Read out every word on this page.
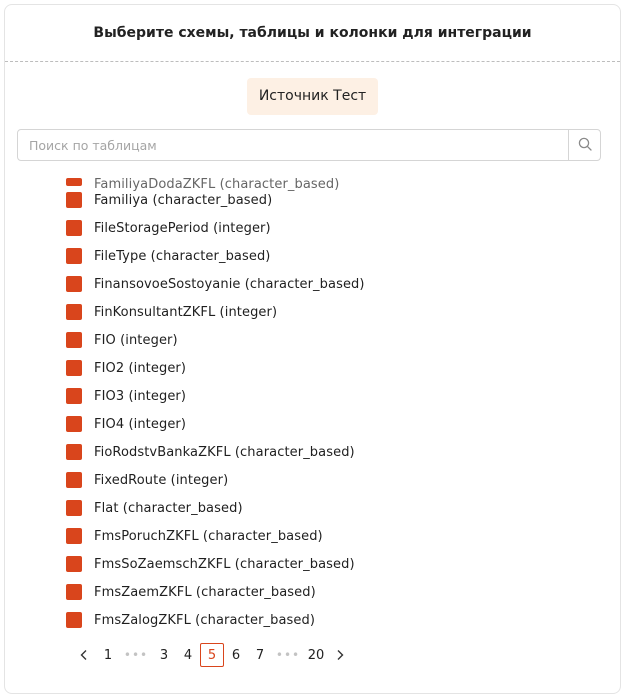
Выберите схемы, таблицы и колонки для интеграции
Источник Тест
Поиск по таблицам
FamiliyaDodaZKFL (character_based)
Familiya (character_based)
FileStoragePeriod (integer)
FileType (character_based)
FinansovoeSostoyanie (character_based)
FinKonsultantZKFL (integer)
FIO (integer)
FIO2 (integer)
FIO3 (integer)
FIO4 (integer)
FioRodstvBankaZKFL (character_based)
FixedRoute (integer)
Flat (character_based)
FmsPoruchZKFL (character_based)
FmsSoZaemschZKFL (character_based)
FmsZaemZKFL (character_based)
FmsZalogZKFL (character_based)
1 ••• 3	4	5	6	7 ••• 20
